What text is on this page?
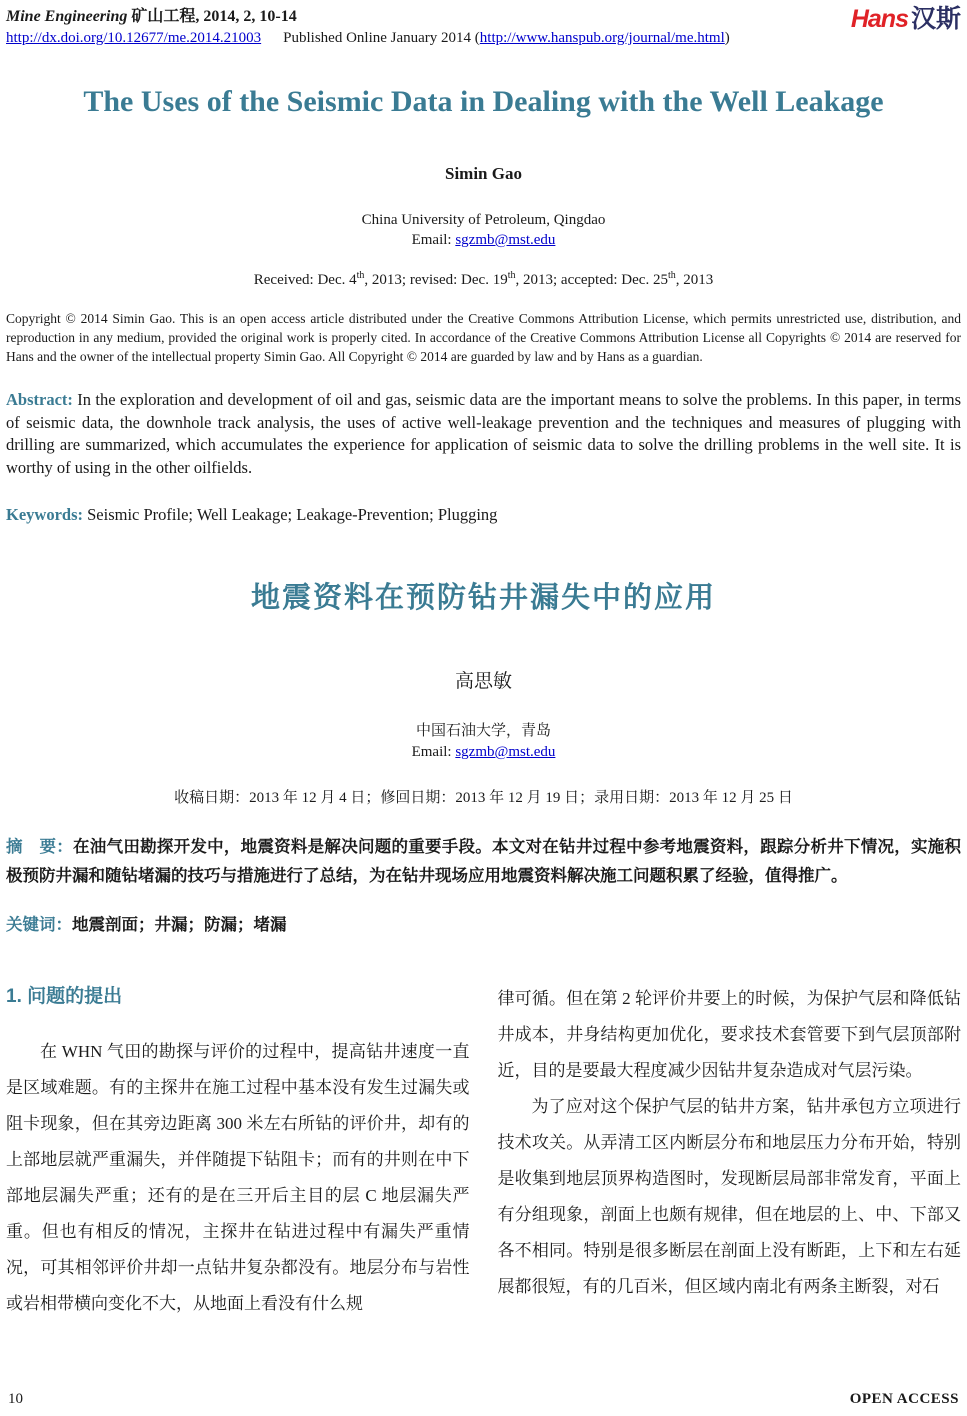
Mine Engineering 矿山工程, 2014, 2, 10-14
http://dx.doi.org/10.12677/me.2014.21003 Published Online January 2014 (http://www.hanspub.org/journal/me.html)
Hans 汉斯
The Uses of the Seismic Data in Dealing with the Well Leakage
Simin Gao
China University of Petroleum, Qingdao
Email: sgzmb@mst.edu
Received: Dec. 4th, 2013; revised: Dec. 19th, 2013; accepted: Dec. 25th, 2013

Copyright © 2014 Simin Gao. This is an open access article distributed under the Creative Commons Attribution License, which permits unrestricted use, distribution, and reproduction in any medium, provided the original work is properly cited. In accordance of the Creative Commons Attribution License all Copyrights © 2014 are reserved for Hans and the owner of the intellectual property Simin Gao. All Copyright © 2014 are guarded by law and by Hans as a guardian.

Abstract: In the exploration and development of oil and gas, seismic data are the important means to solve the problems. In this paper, in terms of seismic data, the downhole track analysis, the uses of active well-leakage prevention and the techniques and measures of plugging with drilling are summarized, which accumulates the experience for application of seismic data to solve the drilling problems in the well site. It is worthy of using in the other oilfields.

Keywords: Seismic Profile; Well Leakage; Leakage-Prevention; Plugging

地震资料在预防钻井漏失中的应用
高思敏
中国石油大学，青岛
Email: sgzmb@mst.edu
收稿日期：2013 年 12 月 4 日；修回日期：2013 年 12 月 19 日；录用日期：2013 年 12 月 25 日

摘　要：在油气田勘探开发中，地震资料是解决问题的重要手段。本文对在钻井过程中参考地震资料，跟踪分析井下情况，实施积极预防井漏和随钻堵漏的技巧与措施进行了总结，为在钻井现场应用地震资料解决施工问题积累了经验，值得推广。

关键词：地震剖面；井漏；防漏；堵漏

1. 问题的提出

在 WHN 气田的勘探与评价的过程中，提高钻井速度一直是区域难题。有的主探井在施工过程中基本没有发生过漏失或阻卡现象，但在其旁边距离 300 米左右所钻的评价井，却有的上部地层就严重漏失，并伴随提下钻阻卡；而有的井则在中下部地层漏失严重；还有的是在三开后主目的层 C 地层漏失严重。但也有相反的情况，主探井在钻进过程中有漏失严重情况，可其相邻评价井却一点钻井复杂都没有。地层分布与岩性或岩相带横向变化不大，从地面上看没有什么规

律可循。但在第 2 轮评价井要上的时候，为保护气层和降低钻井成本，井身结构更加优化，要求技术套管要下到气层顶部附近，目的是要最大程度减少因钻井复杂造成对气层污染。

为了应对这个保护气层的钻井方案，钻井承包方立项进行技术攻关。从弄清工区内断层分布和地层压力分布开始，特别是收集到地层顶界构造图时，发现断层局部非常发育，平面上有分组现象，剖面上也颇有规律，但在地层的上、中、下部又各不相同。特别是很多断层在剖面上没有断距，上下和左右延展都很短，有的几百米，但区域内南北有两条主断裂，对石

10	OPEN ACCESS
